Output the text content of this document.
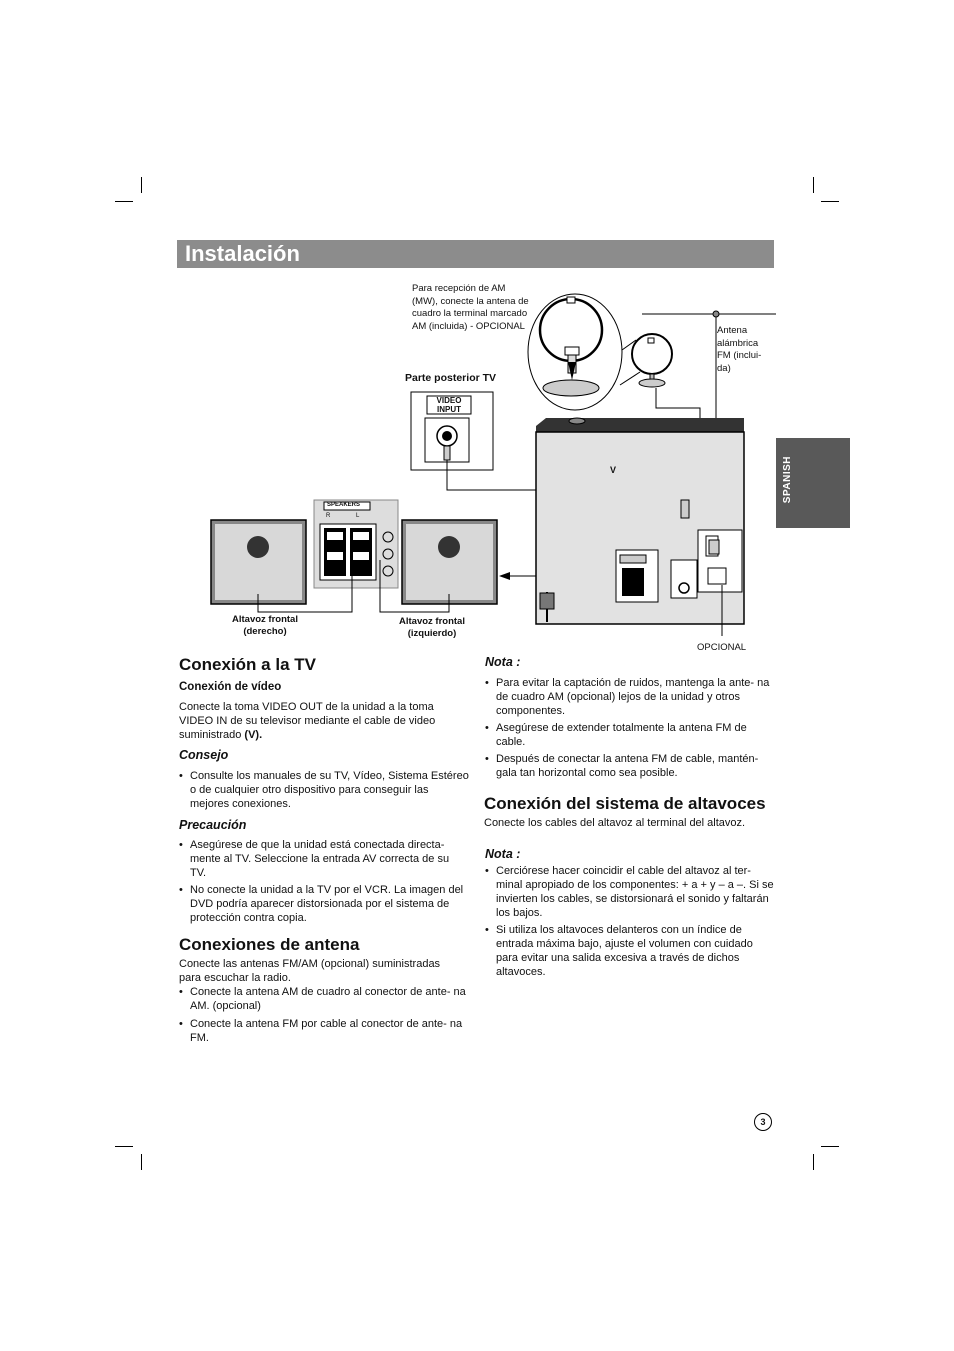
Instalación
SPANISH
Para recepción de AM (MW), conecte la antena de cuadro la terminal marcado AM (incluida) - OPCIONAL	Antena alámbrica FM (inclui- da)
Parte posterior TV
VIDEO INPUT
V
SPEAKERS
R	L
Altavoz frontal (derecho)
Altavoz frontal (izquierdo)
OPCIONAL
Conexión a la TV
Conexión de vídeo

Conecte la toma VIDEO OUT de la unidad a la toma VIDEO IN de su televisor mediante el cable de video suministrado (V).

Consejo
• Consulte los manuales de su TV, Vídeo, Sistema Estéreo o de cualquier otro dispositivo para conseguir las mejores conexiones.
Precaución
• Asegúrese de que la unidad está conectada directa- mente al TV. Seleccione la entrada AV correcta de su TV.
• No conecte la unidad a la TV por el VCR. La imagen del DVD podría aparecer distorsionada por el sistema de protección contra copia.
Conexiones de antena

Conecte las antenas FM/AM (opcional) suministradas para escuchar la radio.

• Conecte la antena AM de cuadro al conector de ante- na AM. (opcional)
• Conecte la antena FM por cable al conector de ante- na FM.
Nota :
• Para evitar la captación de ruidos, mantenga la ante- na de cuadro AM (opcional) lejos de la unidad y otros componentes.
• Asegúrese de extender totalmente la antena FM de cable.
• Después de conectar la antena FM de cable, mantén- gala tan horizontal como sea posible.
Conexión del sistema de altavoces

Conecte los cables del altavoz al terminal del altavoz.

Nota :
• Cerciórese hacer coincidir el cable del altavoz al ter- minal apropiado de los componentes: + a + y – a –. Si se invierten los cables, se distorsionará el sonido y faltarán los bajos.
• Si utiliza los altavoces delanteros con un índice de entrada máxima bajo, ajuste el volumen con cuidado para evitar una salida excesiva a través de dichos altavoces.
3
